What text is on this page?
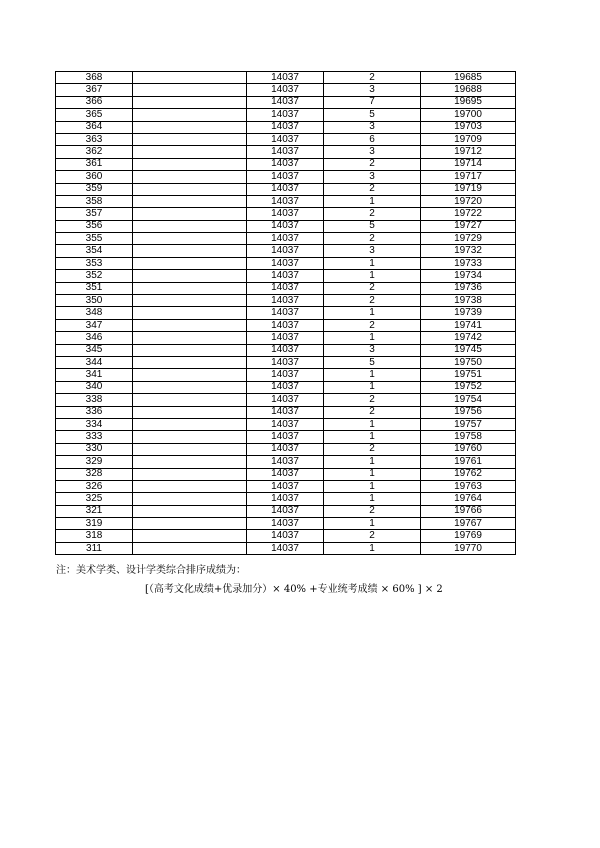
368		14037	2	19685
367		14037	3	19688
366		14037	7	19695
365		14037	5	19700
364		14037	3	19703
363		14037	6	19709
362		14037	3	19712
361		14037	2	19714
360		14037	3	19717
359		14037	2	19719
358		14037	1	19720
357		14037	2	19722
356		14037	5	19727
355		14037	2	19729
354		14037	3	19732
353		14037	1	19733
352		14037	1	19734
351		14037	2	19736
350		14037	2	19738
348		14037	1	19739
347		14037	2	19741
346		14037	1	19742
345		14037	3	19745
344		14037	5	19750
341		14037	1	19751
340		14037	1	19752
338		14037	2	19754
336		14037	2	19756
334		14037	1	19757
333		14037	1	19758
330		14037	2	19760
329		14037	1	19761
328		14037	1	19762
326		14037	1	19763
325		14037	1	19764
321		14037	2	19766
319		14037	1	19767
318		14037	2	19769
311		14037	1	19770
注：美术学类、设计学类综合排序成绩为：
[（高考文化成绩+优录加分）× 40% +专业统考成绩 × 60% ] × 2
